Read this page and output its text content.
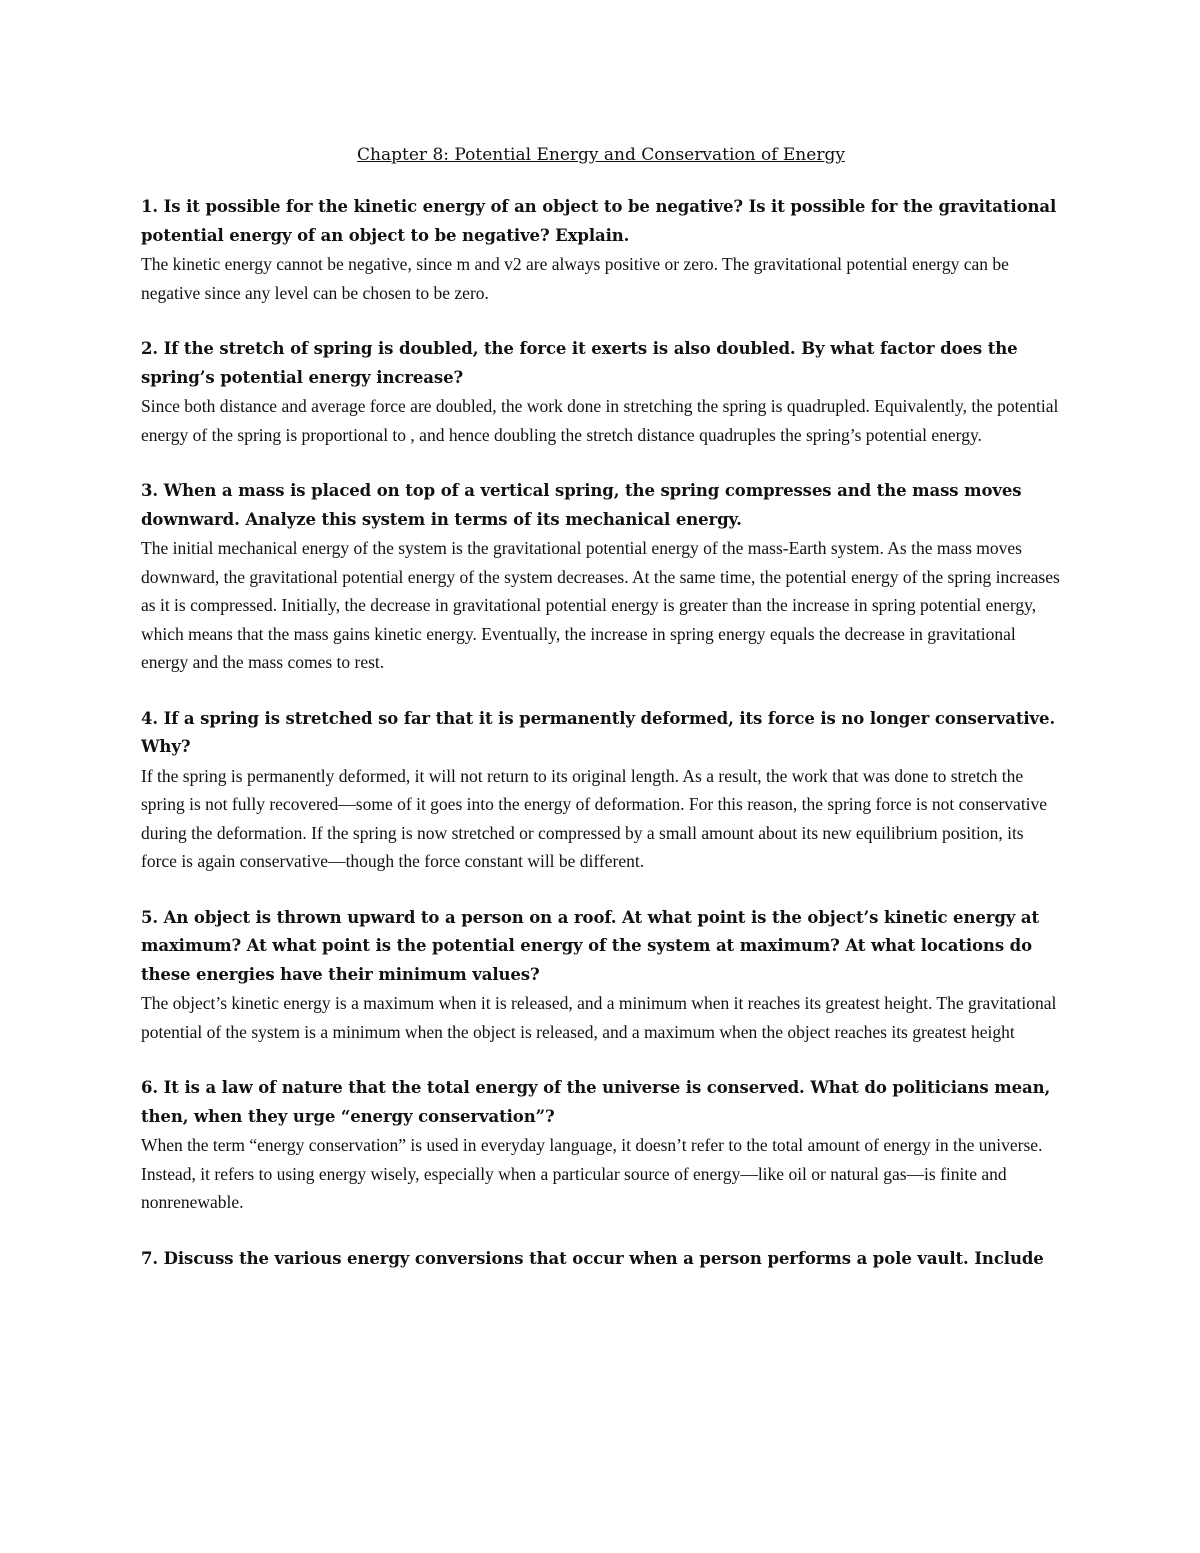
Chapter 8: Potential Energy and Conservation of Energy

1. Is it possible for the kinetic energy of an object to be negative? Is it possible for the gravitational potential energy of an object to be negative? Explain.

The kinetic energy cannot be negative, since m and v2 are always positive or zero. The gravitational potential energy can be negative since any level can be chosen to be zero.

2. If the stretch of spring is doubled, the force it exerts is also doubled. By what factor does the spring’s potential energy increase?

Since both distance and average force are doubled, the work done in stretching the spring is quadrupled. Equivalently, the potential energy of the spring is proportional to , and hence doubling the stretch distance quadruples the spring’s potential energy.

3. When a mass is placed on top of a vertical spring, the spring compresses and the mass moves downward. Analyze this system in terms of its mechanical energy.

The initial mechanical energy of the system is the gravitational potential energy of the mass-Earth system. As the mass moves downward, the gravitational potential energy of the system decreases. At the same time, the potential energy of the spring increases as it is compressed. Initially, the decrease in gravitational potential energy is greater than the increase in spring potential energy, which means that the mass gains kinetic energy. Eventually, the increase in spring energy equals the decrease in gravitational energy and the mass comes to rest.

4. If a spring is stretched so far that it is permanently deformed, its force is no longer conservative. Why?

If the spring is permanently deformed, it will not return to its original length. As a result, the work that was done to stretch the spring is not fully recovered—some of it goes into the energy of deformation. For this reason, the spring force is not conservative during the deformation. If the spring is now stretched or compressed by a small amount about its new equilibrium position, its force is again conservative—though the force constant will be different.

5. An object is thrown upward to a person on a roof. At what point is the object’s kinetic energy at maximum? At what point is the potential energy of the system at maximum? At what locations do these energies have their minimum values?

The object’s kinetic energy is a maximum when it is released, and a minimum when it reaches its greatest height. The gravitational potential of the system is a minimum when the object is released, and a maximum when the object reaches its greatest height

6. It is a law of nature that the total energy of the universe is conserved. What do politicians mean, then, when they urge “energy conservation”?

When the term “energy conservation” is used in everyday language, it doesn’t refer to the total amount of energy in the universe. Instead, it refers to using energy wisely, especially when a particular source of energy—like oil or natural gas—is finite and nonrenewable.

7. Discuss the various energy conversions that occur when a person performs a pole vault. Include
